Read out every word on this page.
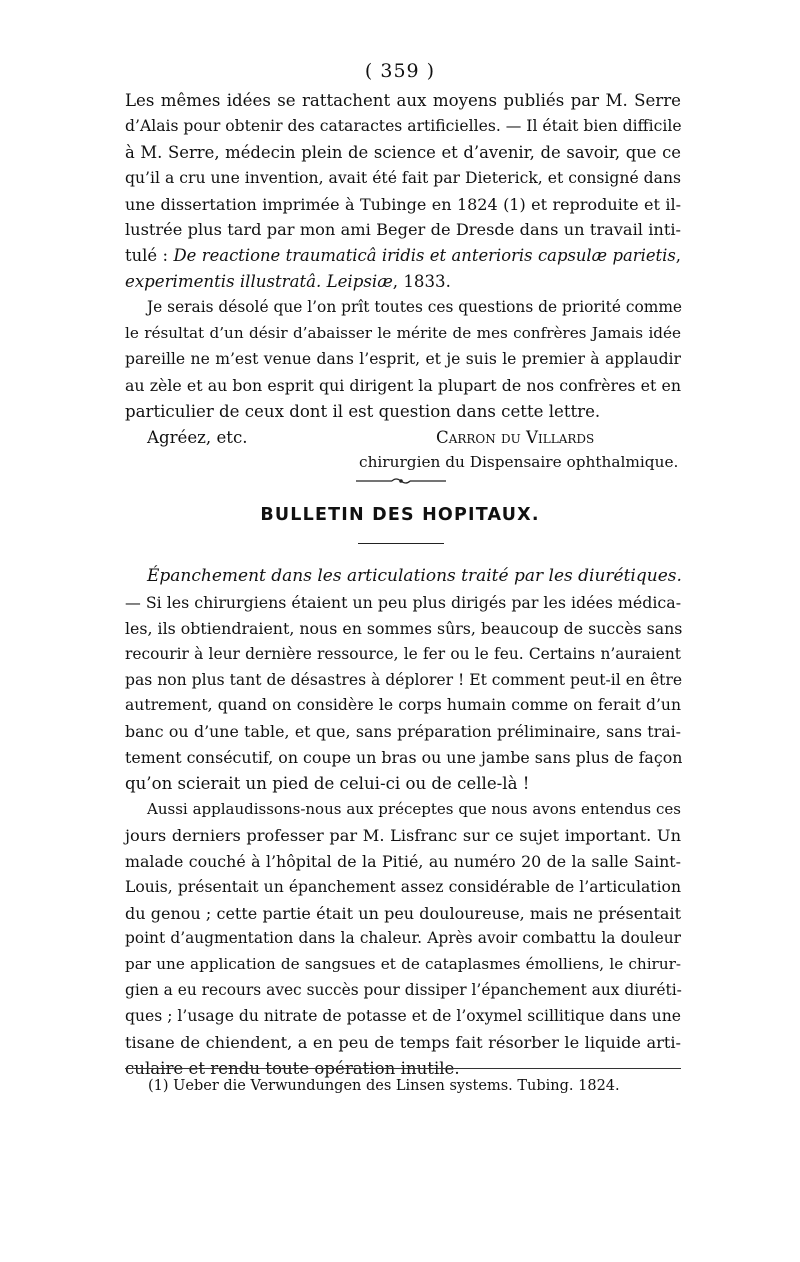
( 359 )
Les mêmes idées se rattachent aux moyens publiés par M. Serre
d’Alais pour obtenir des cataractes artificielles. — Il était bien difficile
à M. Serre, médecin plein de science et d’avenir, de savoir, que ce
qu’il a cru une invention, avait été fait par Dieterick, et consigné dans
une dissertation imprimée à Tubinge en 1824 (1) et reproduite et il-
lustrée plus tard par mon ami Beger de Dresde dans un travail inti-
tulé : De reactione traumaticâ iridis et anterioris capsulæ parietis,
experimentis illustratâ. Leipsiæ, 1833.
Je serais désolé que l’on prît toutes ces questions de priorité comme
le résultat d’un désir d’abaisser le mérite de mes confrères Jamais idée
pareille ne m’est venue dans l’esprit, et je suis le premier à applaudir
au zèle et au bon esprit qui dirigent la plupart de nos confrères et en
particulier de ceux dont il est question dans cette lettre.
Agréez, etc.	Carron du Villards
chirurgien du Dispensaire ophthalmique.
BULLETIN DES HOPITAUX.
Épanchement dans les articulations traité par les diurétiques.
— Si les chirurgiens étaient un peu plus dirigés par les idées médica-
les, ils obtiendraient, nous en sommes sûrs, beaucoup de succès sans
recourir à leur dernière ressource, le fer ou le feu. Certains n’auraient
pas non plus tant de désastres à déplorer ! Et comment peut-il en être
autrement, quand on considère le corps humain comme on ferait d’un
banc ou d’une table, et que, sans préparation préliminaire, sans trai-
tement consécutif, on coupe un bras ou une jambe sans plus de façon
qu’on scierait un pied de celui-ci ou de celle-là !
Aussi applaudissons-nous aux préceptes que nous avons entendus ces
jours derniers professer par M. Lisfranc sur ce sujet important. Un
malade couché à l’hôpital de la Pitié, au numéro 20 de la salle Saint-
Louis, présentait un épanchement assez considérable de l’articulation
du genou ; cette partie était un peu douloureuse, mais ne présentait
point d’augmentation dans la chaleur. Après avoir combattu la douleur
par une application de sangsues et de cataplasmes émolliens, le chirur-
gien a eu recours avec succès pour dissiper l’épanchement aux diuréti-
ques ; l’usage du nitrate de potasse et de l’oxymel scillitique dans une
tisane de chiendent, a en peu de temps fait résorber le liquide arti-
culaire et rendu toute opération inutile.
(1) Ueber die Verwundungen des Linsen systems. Tubing. 1824.
